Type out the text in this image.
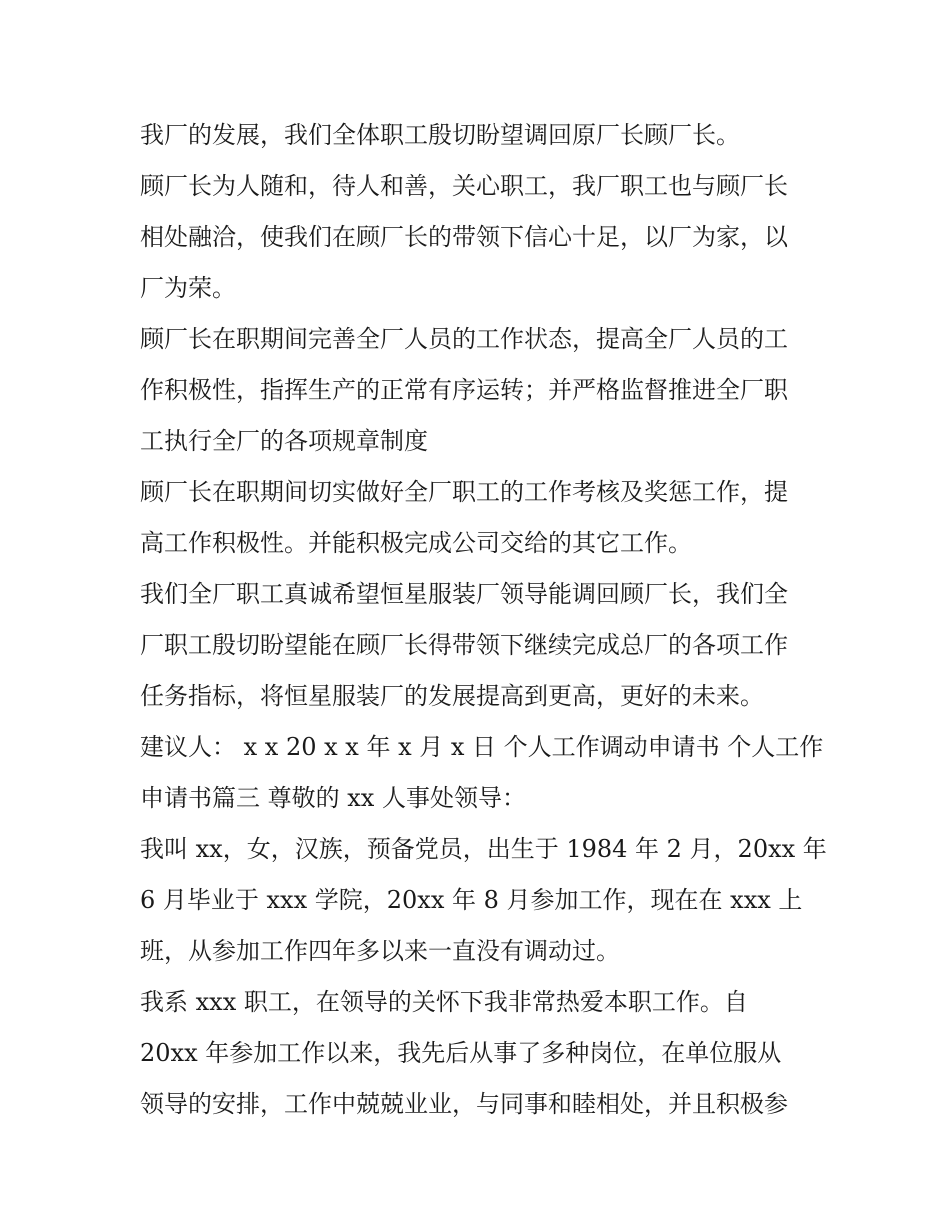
我厂的发展，我们全体职工殷切盼望调回原厂长顾厂长。
顾厂长为人随和，待人和善，关心职工，我厂职工也与顾厂长
相处融洽，使我们在顾厂长的带领下信心十足，以厂为家，以
厂为荣。
顾厂长在职期间完善全厂人员的工作状态，提高全厂人员的工
作积极性，指挥生产的正常有序运转；并严格监督推进全厂职
工执行全厂的各项规章制度
顾厂长在职期间切实做好全厂职工的工作考核及奖惩工作，提
高工作积极性。并能积极完成公司交给的其它工作。
我们全厂职工真诚希望恒星服装厂领导能调回顾厂长，我们全
厂职工殷切盼望能在顾厂长得带领下继续完成总厂的各项工作
任务指标，将恒星服装厂的发展提高到更高，更好的未来。
建议人： x x 20 x x 年 x 月 x 日 个人工作调动申请书 个人工作
申请书篇三 尊敬的 xx 人事处领导：
我叫 xx，女，汉族，预备党员，出生于 1984 年 2 月，20xx 年
6 月毕业于 xxx 学院，20xx 年 8 月参加工作，现在在 xxx 上
班，从参加工作四年多以来一直没有调动过。
我系 xxx 职工，在领导的关怀下我非常热爱本职工作。自
20xx 年参加工作以来，我先后从事了多种岗位，在单位服从
领导的安排，工作中兢兢业业，与同事和睦相处，并且积极参
